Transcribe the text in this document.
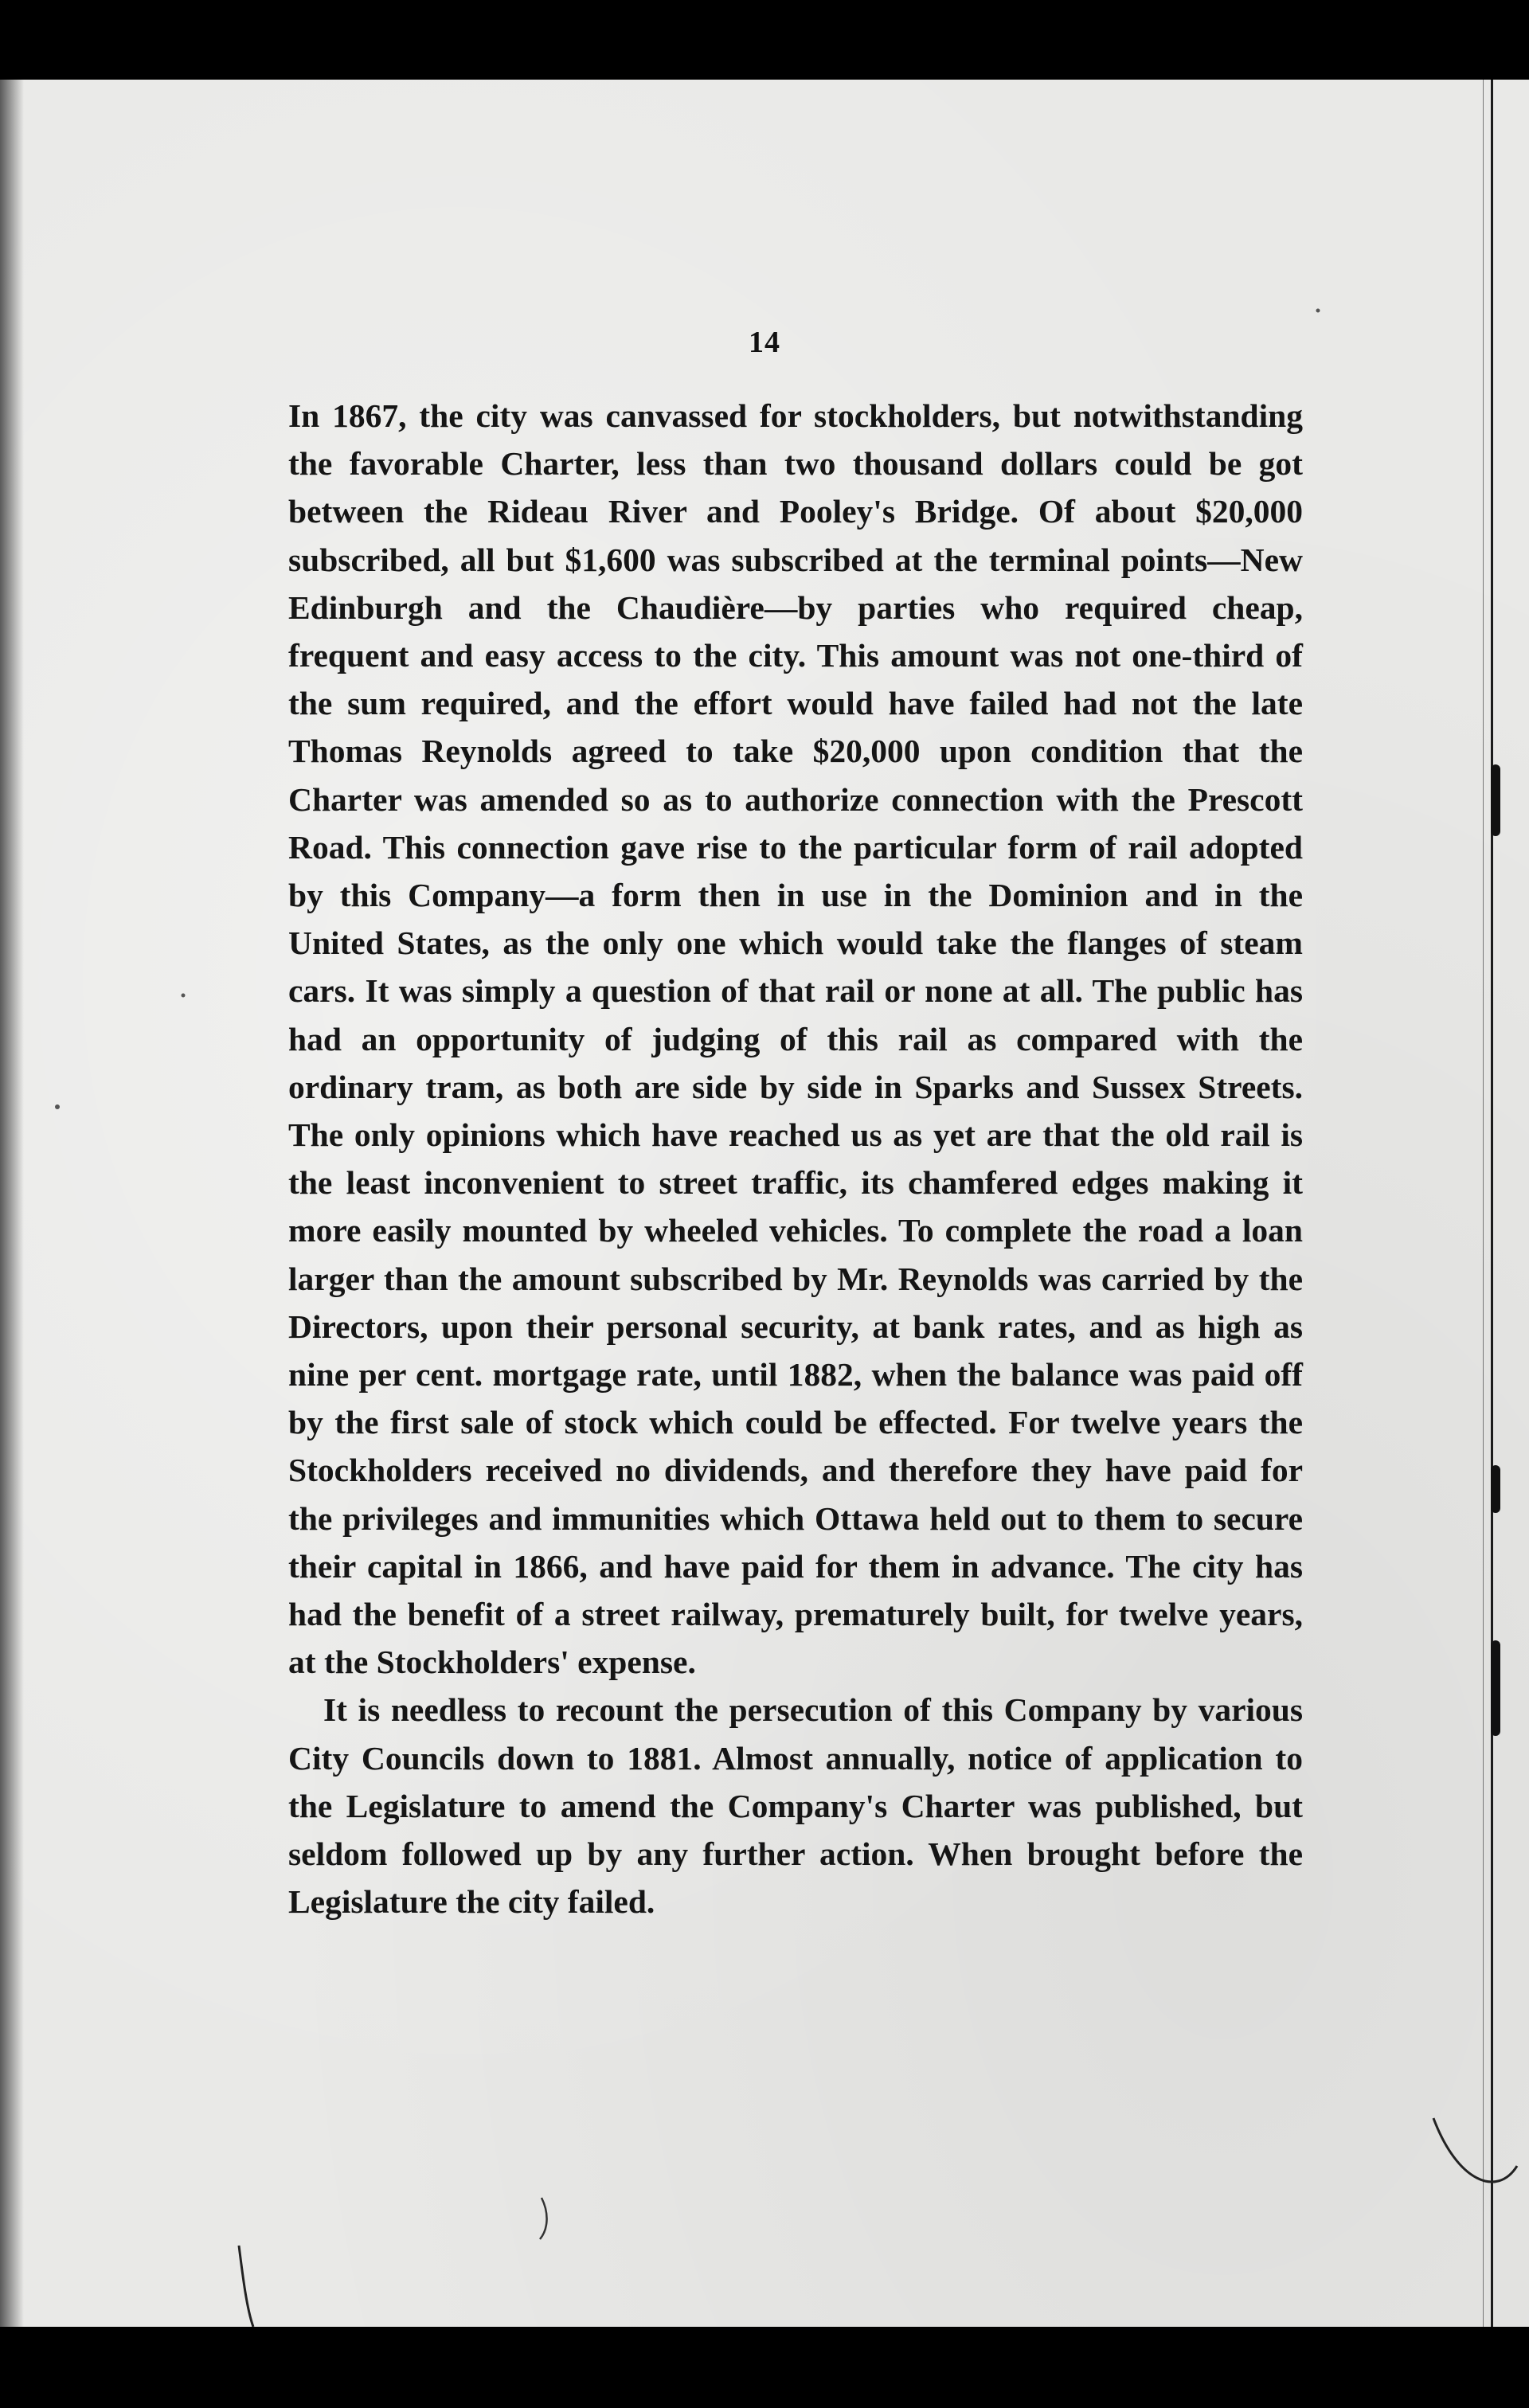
14

In 1867, the city was canvassed for stockholders, but notwithstanding the favorable Charter, less than two thousand dollars could be got between the Rideau River and Pooley's Bridge. Of about $20,000 subscribed, all but $1,600 was subscribed at the terminal points—New Edinburgh and the Chaudière—by parties who required cheap, frequent and easy access to the city. This amount was not one-third of the sum required, and the effort would have failed had not the late Thomas Reynolds agreed to take $20,000 upon condition that the Charter was amended so as to authorize connection with the Prescott Road. This connection gave rise to the particular form of rail adopted by this Company—a form then in use in the Dominion and in the United States, as the only one which would take the flanges of steam cars. It was simply a question of that rail or none at all. The public has had an opportunity of judging of this rail as compared with the ordinary tram, as both are side by side in Sparks and Sussex Streets. The only opinions which have reached us as yet are that the old rail is the least inconvenient to street traffic, its chamfered edges making it more easily mounted by wheeled vehicles. To complete the road a loan larger than the amount subscribed by Mr. Reynolds was carried by the Directors, upon their personal security, at bank rates, and as high as nine per cent. mortgage rate, until 1882, when the balance was paid off by the first sale of stock which could be effected. For twelve years the Stockholders received no dividends, and therefore they have paid for the privileges and immunities which Ottawa held out to them to secure their capital in 1866, and have paid for them in advance. The city has had the benefit of a street railway, prematurely built, for twelve years, at the Stockholders' expense.

It is needless to recount the persecution of this Company by various City Councils down to 1881. Almost annually, notice of application to the Legislature to amend the Company's Charter was published, but seldom followed up by any further action. When brought before the Legislature the city failed.
